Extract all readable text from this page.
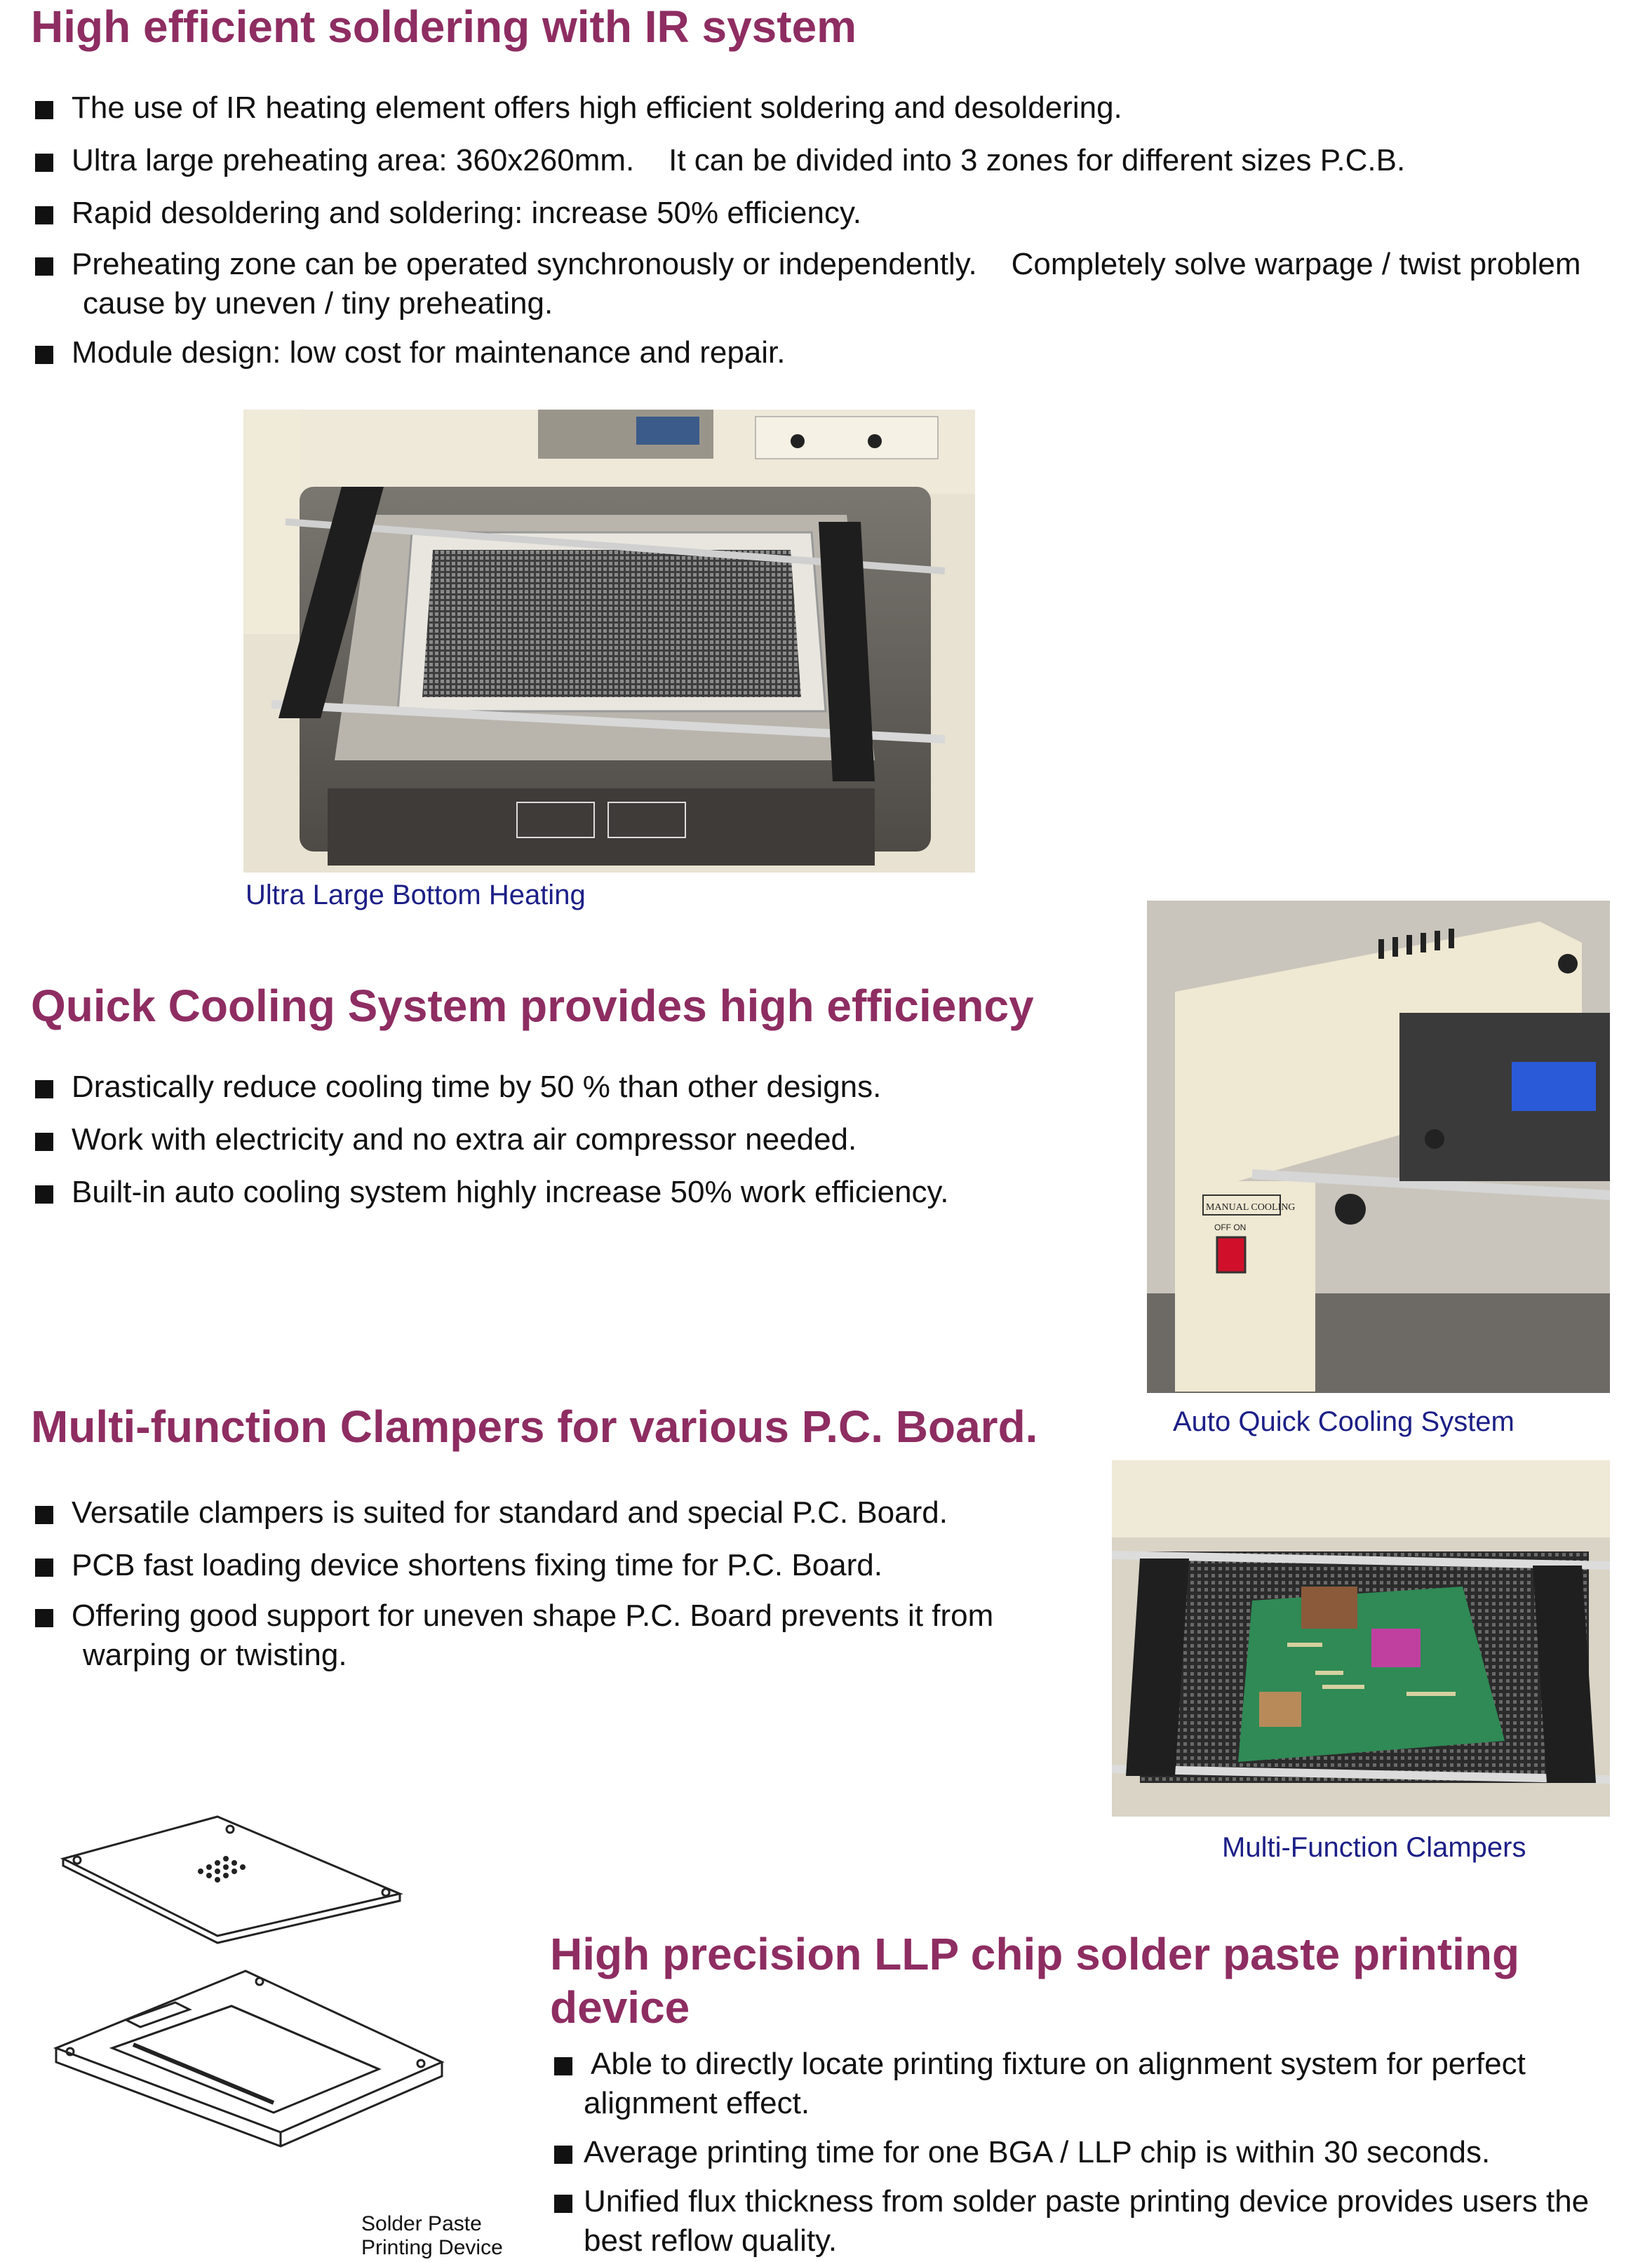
High efficient soldering with IR system
The use of IR heating element offers high efficient soldering and desoldering.
Ultra large preheating area: 360x260mm.    It can be divided into 3 zones for different sizes P.C.B.
Rapid desoldering and soldering: increase 50% efficiency.
Preheating zone can be operated synchronously or independently.    Completely solve warpage / twist problem
cause by uneven / tiny preheating.
Module design: low cost for maintenance and repair.
Ultra Large Bottom Heating
Quick Cooling System provides high efficiency
Drastically reduce cooling time by 50 % than other designs.
Work with electricity and no extra air compressor needed.
Built-in auto cooling system highly increase 50% work efficiency.	MANUAL COOLING
OFF ON
Auto Quick Cooling System
Multi-function Clampers for various P.C. Board.
Versatile clampers is suited for standard and special P.C. Board.
PCB fast loading device shortens fixing time for P.C. Board.
Offering good support for uneven shape P.C. Board prevents it from
warping or twisting.
Multi-Function Clampers
Solder Paste
Printing Device
High precision LLP chip solder paste printing
device
Able to directly locate printing fixture on alignment system for perfect
alignment effect.
Average printing time for one BGA / LLP chip is within 30 seconds.
Unified flux thickness from solder paste printing device provides users the
best reflow quality.
